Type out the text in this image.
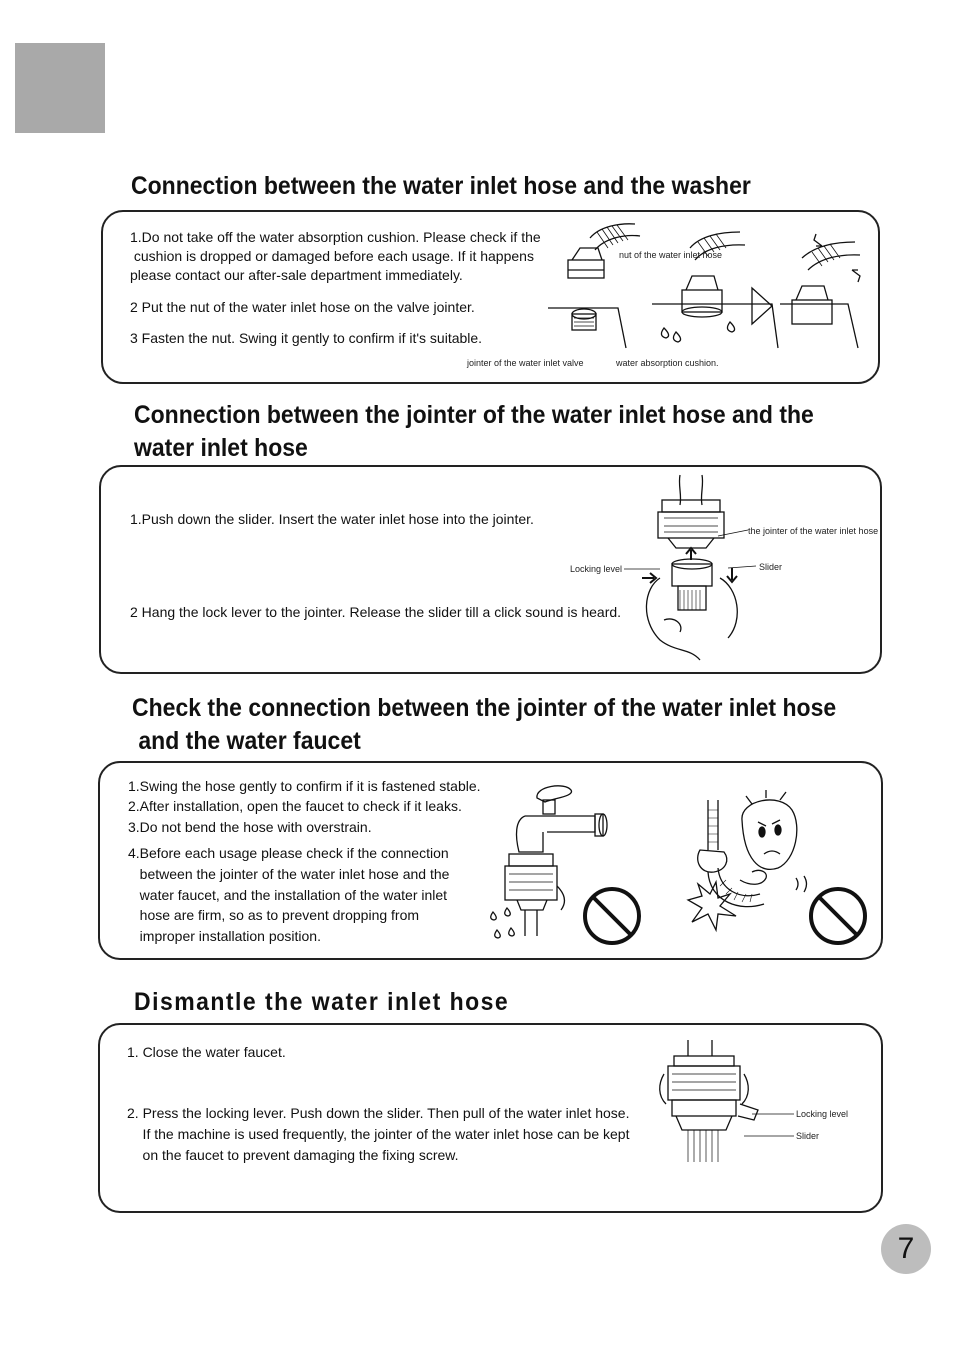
Connection between the water inlet hose and the washer
1.Do not take off the water absorption cushion. Please check if the
cushion is dropped or damaged before each usage. If it happens
please contact our after-sale department immediately.
2 Put the nut of the water inlet hose on the valve jointer.
3 Fasten the nut. Swing it gently to confirm if it's suitable.
nut of the water inlet hose
jointer of the water inlet valve	water absorption cushion.
Connection between the jointer of the water inlet hose and the
water inlet hose
1.Push down the slider. Insert the water inlet hose into the jointer.
2 Hang the lock lever to the jointer. Release the slider till a click sound is heard.
the jointer of the water inlet hose
Locking level	Slider
Check the connection between the jointer of the water inlet hose
and the water faucet
1.Swing the hose gently to confirm if it is fastened stable.
2.After installation, open the faucet to check if it leaks.
3.Do not bend the hose with overstrain.
4.Before each usage please check if the connection
between the jointer of the water inlet hose and the
water faucet, and the installation of the water inlet
hose are firm, so as to prevent dropping from
improper installation position.
Dismantle the water inlet hose
1. Close the water faucet.
2. Press the locking lever. Push down the slider. Then pull of the water inlet hose.
If the machine is used frequently, the jointer of the water inlet hose can be kept
on the faucet to prevent damaging the fixing screw.
Locking level
Slider
7
